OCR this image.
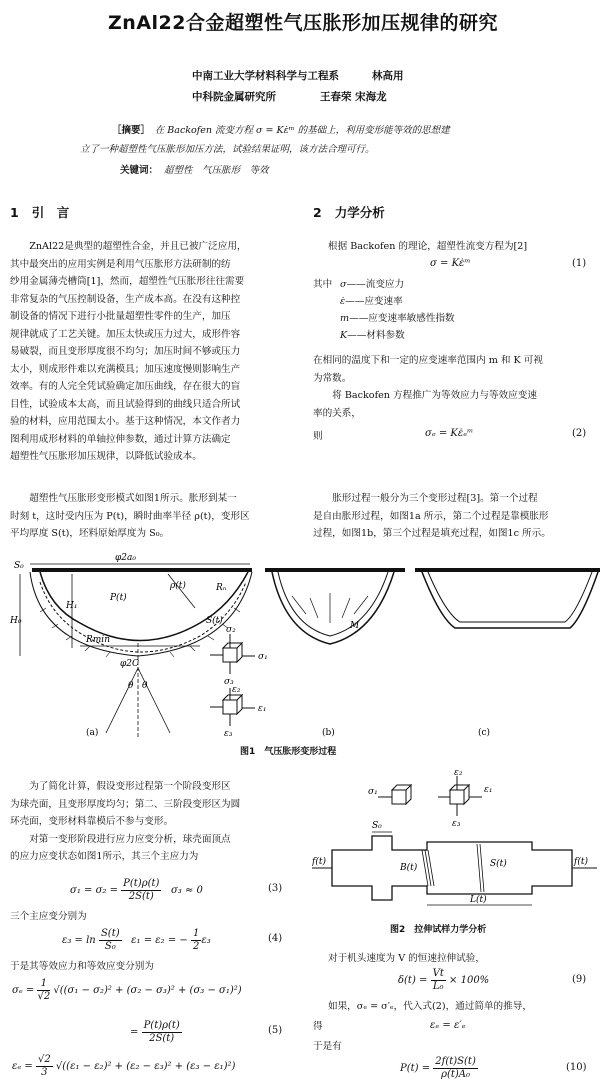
ZnAl22合金超塑性气压胀形加压规律的研究
中南工业大学材料科学与工程系	林高用
中科院金属研究所	王春荣 宋海龙
［摘要］　 在 Backofen 流变方程 σ = Kε̇ᵐ 的基础上，利用变形能等效的思想建
立了一种超塑性气压胀形加压方法，试验结果证明，该方法合理可行。
关键词： 超塑性　气压胀形　等效
1 引　言	2 力学分析
ZnAl22是典型的超塑性合金，并且已被广泛应用，
其中最突出的应用实例是利用气压胀形方法研制的纺
纱用金属薄壳槽筒[1]，然而，超塑性气压胀形往往需要
非常复杂的气压控制设备，生产成本高。在没有这种控
制设备的情况下进行小批量超塑性零件的生产，加压
规律就成了工艺关键。加压太快或压力过大，成形件容
易破裂，而且变形厚度很不均匀；加压时间不够或压力
太小，则成形件难以充满模具；加压速度慢则影响生产
效率。有的人完全凭试验确定加压曲线，存在很大的盲
目性，试验成本太高，而且试验得到的曲线只适合所试
验的材料，应用范围太小。基于这种情况，本文作者力
图利用成形材料的单轴拉伸参数，通过计算方法确定
超塑性气压胀形加压规律，以降低试验成本。
超塑性气压胀形变形模式如图1所示。胀形到某一
时刻 t，这时受内压为 P(t)，瞬时曲率半径 ρ(t)，变形区
平均厚度 S(t)，坯料原始厚度为 S₀。
根据 Backofen 的理论，超塑性流变方程为[2]
σ = Kε̇ᵐ	(1)
其中 σ——流变应力
ε̇——应变速率
m——应变速率敏感性指数
K——材料参数
在相同的温度下和一定的应变速率范围内 m 和 K 可视
为常数。
将 Backofen 方程推广为等效应力与等效应变速
率的关系，
则	σₑ = Kε̇ₑᵐ	(2)
胀形过程一般分为三个变形过程[3]。第一个过程
是自由胀形过程，如图1a 所示，第二个过程是靠模胀形
过程，如图1b，第三个过程是填充过程，如图1c 所示。
S₀
H₀
H₁
φ2a₀
P(t)
ρ(t)
S(t)
Rₙ
Rmin
φ2C
θ θ
(a)
σ₂
σ₁
σ₃
ε₂
ε₁
ε₃
M
(b)	(c)
图1　气压胀形变形过程
为了简化计算，假设变形过程第一个阶段变形区
为球壳面，且变形厚度均匀；第二、三阶段变形区为圆
环壳面，变形材料靠模后不参与变形。
对第一变形阶段进行应力应变分析，球壳面顶点
的应力应变状态如图1所示，其三个主应力为
$\sigma_1 = \sigma_2 = \frac{P(t)\rho(t)}{2S(t)} \sigma_3 \approx 0$	(3)
三个主应变分别为
$\varepsilon_3 = \ln \frac{S(t)}{\text{S₀}} \varepsilon_1 = \varepsilon_2$ = − $\frac{1}{2} \varepsilon_3$	(4)
于是其等效应力和等效应变分别为
$\sigma_e = \frac{1}{√2} √((\sigma_1 - \sigma_2)^2 + (\sigma_2 - \sigma_3)^2 + (\sigma_3 - \sigma_1)^2)$
= $\frac{P(t)\rho(t)}{2S(t)}$	(5)
$\varepsilon_e = \frac{√2}{3} √((\varepsilon_1 - \varepsilon_2)^2 + (\varepsilon_2 - \varepsilon_3)^2 + (\varepsilon_3 - \varepsilon_1)^2)$
σ₁
ε₂
ε₁
ε₃
S₀
B(t)	S(t)
f(t)	f(t)
L(t)
图2　拉伸试样力学分析
对于机头速度为 V 的恒速拉伸试验，
$\delta(t) = \frac{Vt}{\text{L₀}} \times 100\%$	(9)
如果，σₑ = σ′ₑ，代入式(2)，通过简单的推导，
得	εₑ = ε′ₑ
于是有
$P(t) = \frac{2f(t)S(t)}{\text{ρ(t)A₀}}$	(10)
